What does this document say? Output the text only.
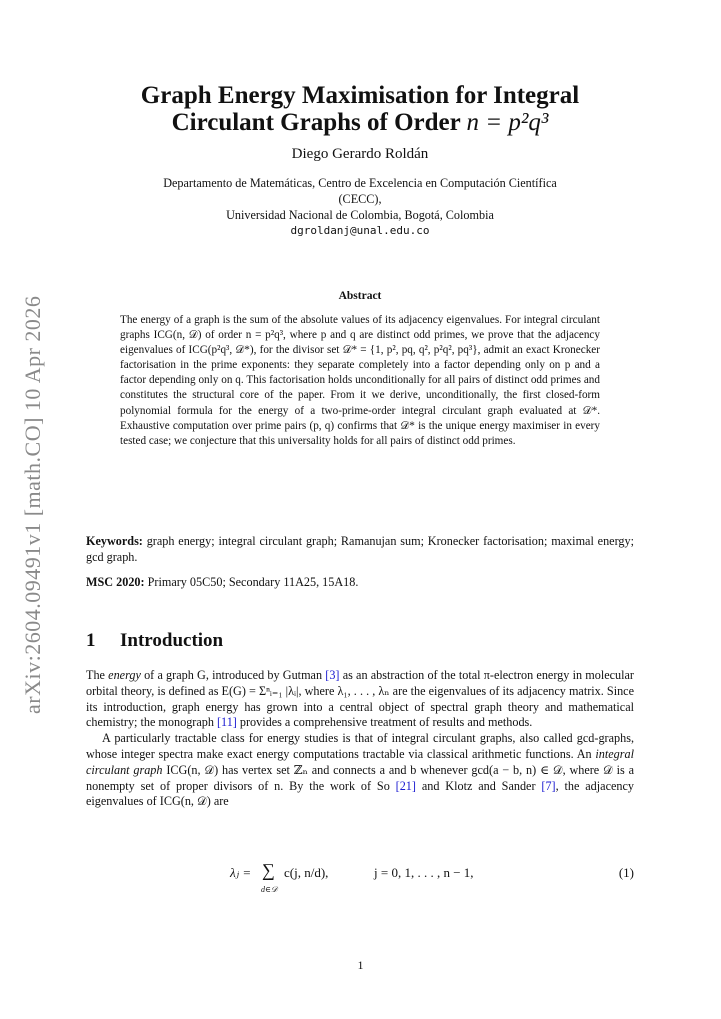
arXiv:2604.09491v1 [math.CO] 10 Apr 2026
Graph Energy Maximisation for Integral
Circulant Graphs of Order n = p²q³
Diego Gerardo Roldán
Departamento de Matemáticas, Centro de Excelencia en Computación Científica
(CECC),
Universidad Nacional de Colombia, Bogotá, Colombia
dgroldanj@unal.edu.co
Abstract
The energy of a graph is the sum of the absolute values of its adjacency eigenvalues. For integral circulant graphs ICG(n, 𝒟) of order n = p²q³, where p and q are distinct odd primes, we prove that the adjacency eigenvalues of ICG(p²q³, 𝒟*), for the divisor set 𝒟* = {1, p², pq, q², p²q², pq³}, admit an exact Kronecker factorisation in the prime exponents: they separate completely into a factor depending only on p and a factor depending only on q. This factorisation holds unconditionally for all pairs of distinct odd primes and constitutes the structural core of the paper. From it we derive, unconditionally, the first closed-form polynomial formula for the energy of a two-prime-order integral circulant graph evaluated at 𝒟*. Exhaustive computation over prime pairs (p, q) confirms that 𝒟* is the unique energy maximiser in every tested case; we conjecture that this universality holds for all pairs of distinct odd primes.
Keywords: graph energy; integral circulant graph; Ramanujan sum; Kronecker factorisation; maximal energy; gcd graph.
MSC 2020: Primary 05C50; Secondary 11A25, 15A18.
1 Introduction

The energy of a graph G, introduced by Gutman [3] as an abstraction of the total π-electron energy in molecular orbital theory, is defined as E(G) = Σⁿᵢ₌₁ |λᵢ|, where λ₁, . . . , λₙ are the eigenvalues of its adjacency matrix. Since its introduction, graph energy has grown into a central object of spectral graph theory and mathematical chemistry; the monograph [11] provides a comprehensive treatment of results and methods.

A particularly tractable class for energy studies is that of integral circulant graphs, also called gcd-graphs, whose integer spectra make exact energy computations tractable via classical arithmetic functions. An integral circulant graph ICG(n, 𝒟) has vertex set ℤₙ and connects a and b whenever gcd(a − b, n) ∈ 𝒟, where 𝒟 is a nonempty set of proper divisors of n. By the work of So [21] and Klotz and Sander [7], the adjacency eigenvalues of ICG(n, 𝒟) are

λⱼ = ∑
d∈𝒟
c(j, n/d),	j = 0, 1, . . . , n − 1,	(1)
1
